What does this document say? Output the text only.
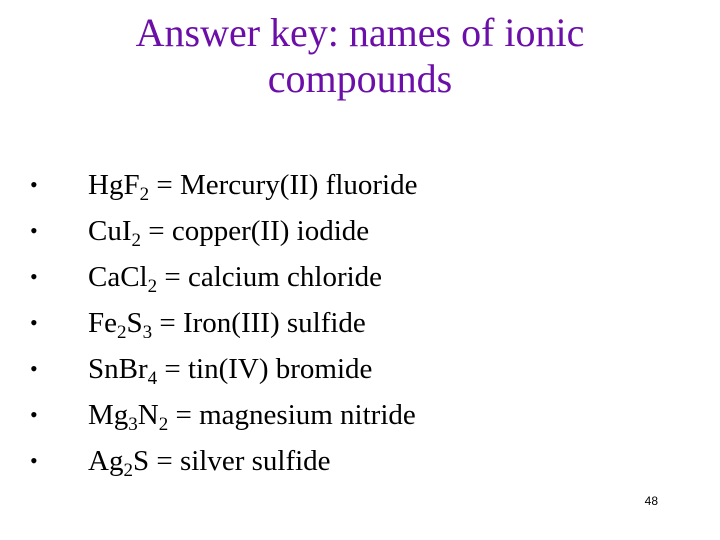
Answer key: names of ionic compounds
• HgF$_2$ = Mercury(II) fluoride
• CuI$_2$ = copper(II) iodide
• CaCl$_2$ = calcium chloride
• $Fe_2S_3$ = Iron(III) sulfide
• SnBr$_4$ = tin(IV) bromide
• $Mg_3N_2$ = magnesium nitride
• $Ag_2S$ = silver sulfide
48
